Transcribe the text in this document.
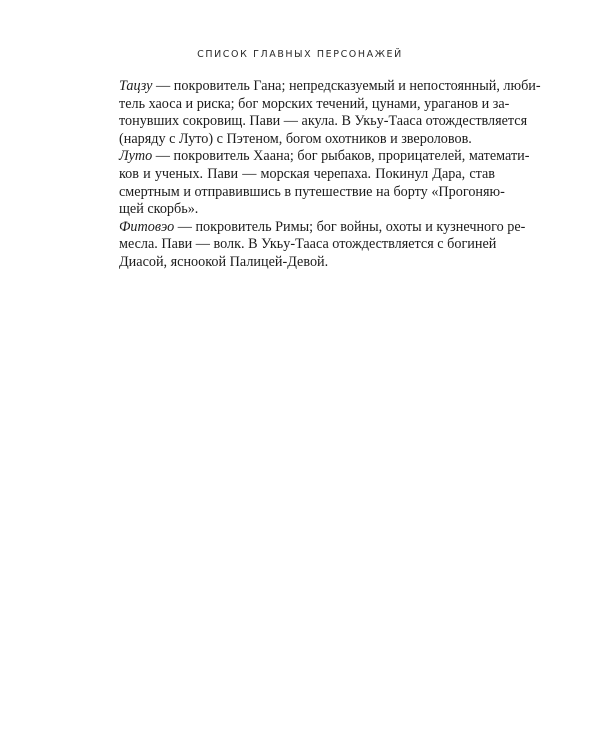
СПИСОК ГЛАВНЫХ ПЕРСОНАЖЕЙ
Тацзу — покровитель Гана; непредсказуемый и непостоянный, люби-
тель хаоса и риска; бог морских течений, цунами, ураганов и за-
тонувших сокровищ. Пави — акула. В Укьу-Тааса отождествляется
(наряду с Луто) с Пэтеном, богом охотников и звероловов.
Луто — покровитель Хаана; бог рыбаков, прорицателей, математи-
ков и ученых. Пави — морская черепаха. Покинул Дара, став
смертным и отправившись в путешествие на борту «Прогоняю-
щей скорбь».
Фитовэо — покровитель Римы; бог войны, охоты и кузнечного ре-
месла. Пави — волк. В Укьу-Тааса отождествляется с богиней
Диасой, ясноокой Палицей-Девой.
